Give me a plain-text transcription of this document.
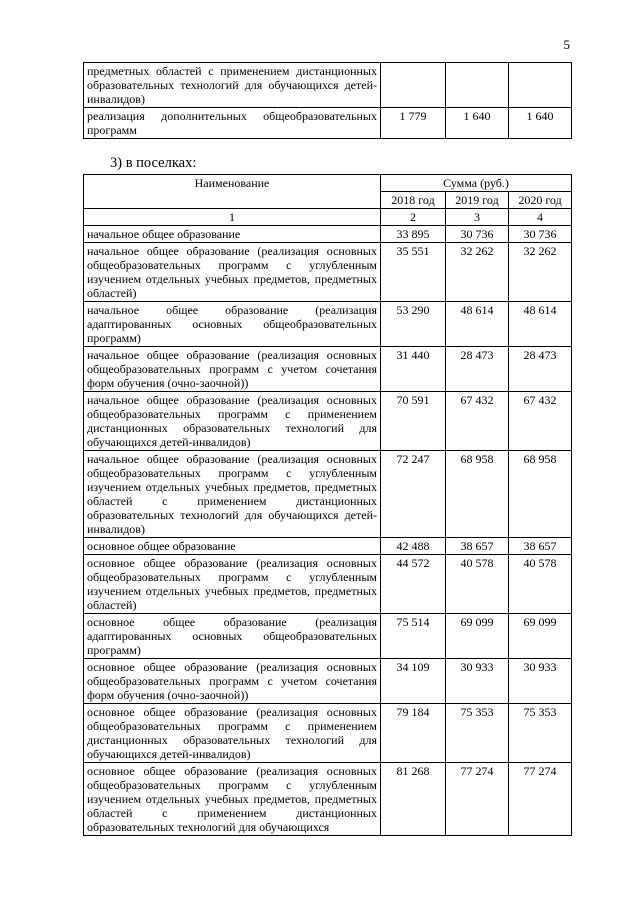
5
предметных областей с применением дистанционных образовательных технологий для обучающихся детей-инвалидов)			
реализация дополнительных общеобразовательных программ	1 779	1 640	1 640
3) в поселках:
Наименование	Сумма (руб.)		
	2018 год	2019 год	2020 год
1	2	3	4
начальное общее образование	33 895	30 736	30 736
начальное общее образование (реализация основных общеобразовательных программ с углубленным изучением отдельных учебных предметов, предметных областей)	35 551	32 262	32 262
начальное общее образование (реализация адаптированных основных общеобразовательных программ)	53 290	48 614	48 614
начальное общее образование (реализация основных общеобразовательных программ с учетом сочетания форм обучения (очно-заочной))	31 440	28 473	28 473
начальное общее образование (реализация основных общеобразовательных программ с применением дистанционных образовательных технологий для обучающихся детей-инвалидов)	70 591	67 432	67 432
начальное общее образование (реализация основных общеобразовательных программ с углубленным изучением отдельных учебных предметов, предметных областей с применением дистанционных образовательных технологий для обучающихся детей-инвалидов)	72 247	68 958	68 958
основное общее образование	42 488	38 657	38 657
основное общее образование (реализация основных общеобразовательных программ с углубленным изучением отдельных учебных предметов, предметных областей)	44 572	40 578	40 578
основное общее образование (реализация адаптированных основных общеобразовательных программ)	75 514	69 099	69 099
основное общее образование (реализация основных общеобразовательных программ с учетом сочетания форм обучения (очно-заочной))	34 109	30 933	30 933
основное общее образование (реализация основных общеобразовательных программ с применением дистанционных образовательных технологий для обучающихся детей-инвалидов)	79 184	75 353	75 353
основное общее образование (реализация основных общеобразовательных программ с углубленным изучением отдельных учебных предметов, предметных областей с применением дистанционных образовательных технологий для обучающихся	81 268	77 274	77 274
